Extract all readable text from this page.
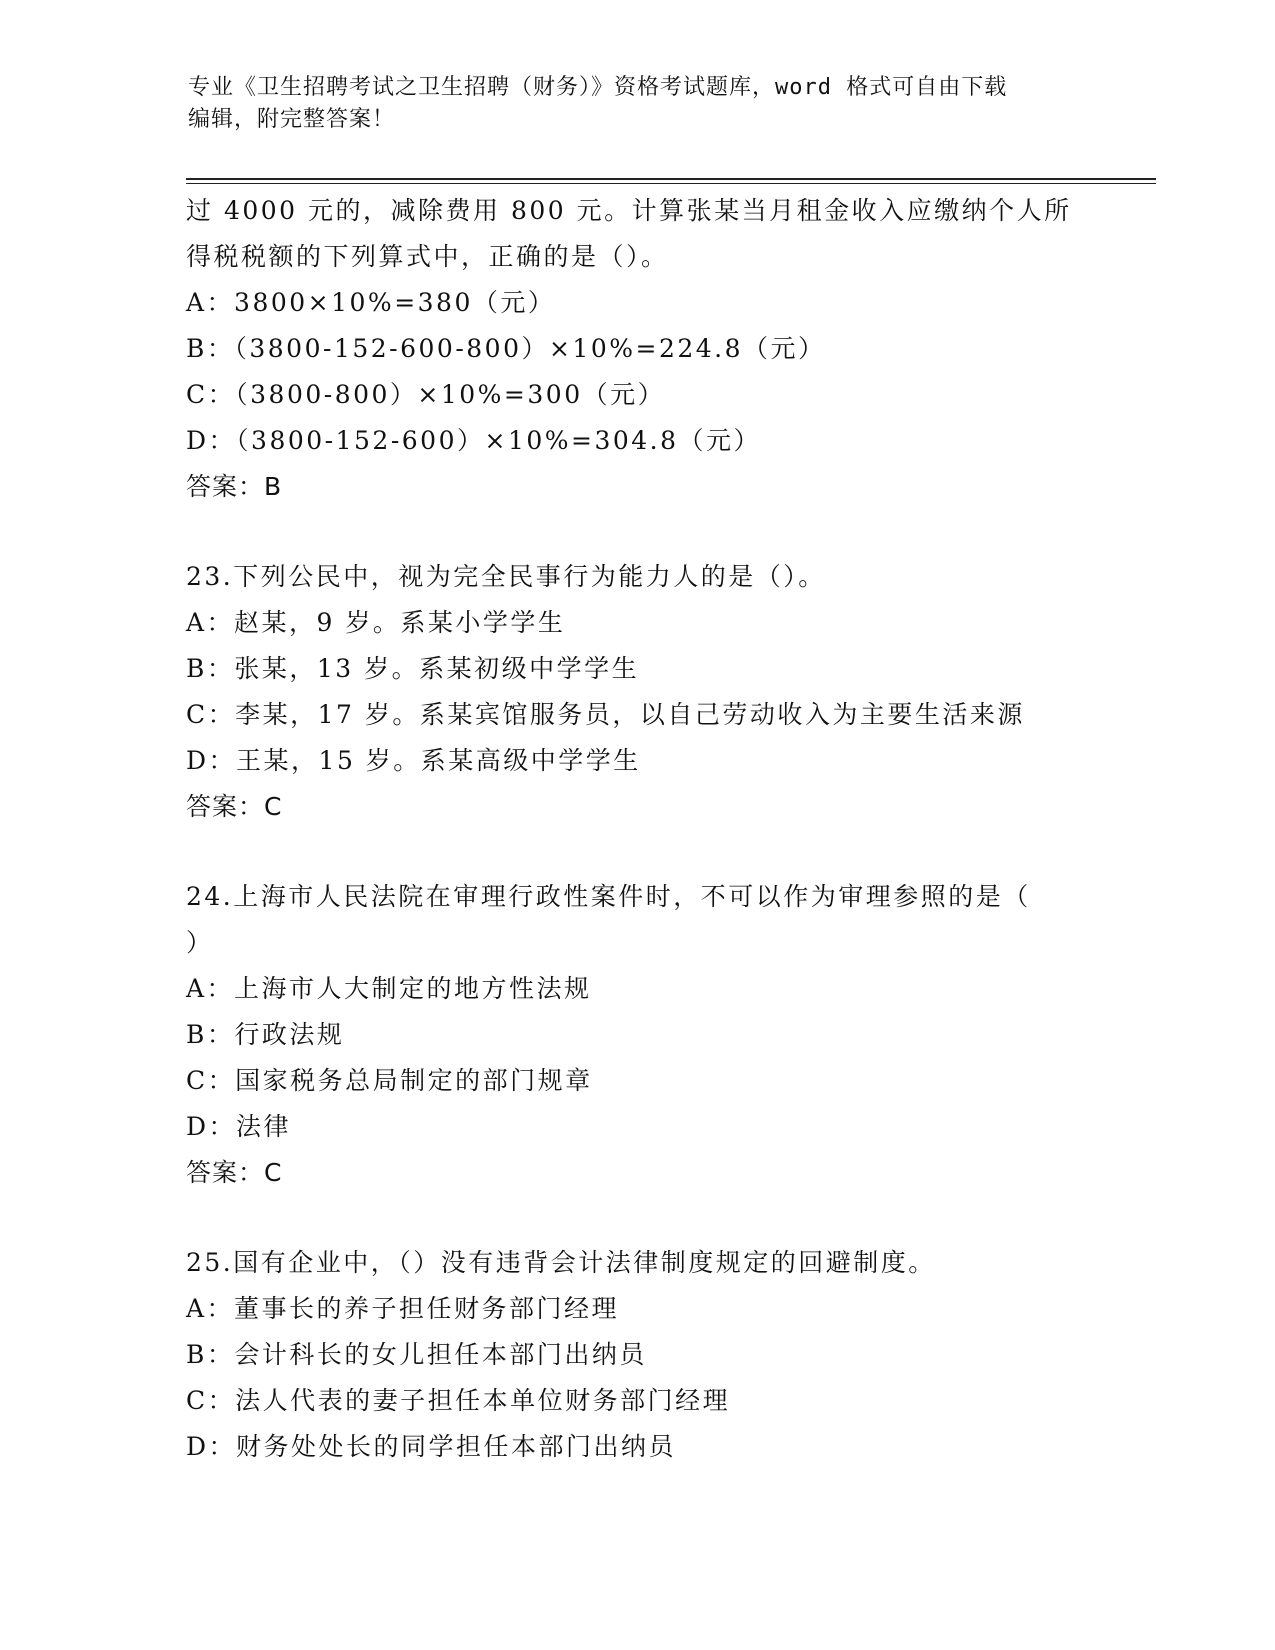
专业《卫生招聘考试之卫生招聘（财务）》资格考试题库，word 格式可自由下载
编辑，附完整答案！
过 4000 元的，减除费用 800 元。计算张某当月租金收入应缴纳个人所
得税税额的下列算式中，正确的是（）。
A：3800×10%=380（元）
B：（3800-152-600-800）×10%=224.8（元）
C：（3800-800）×10%=300（元）
D：（3800-152-600）×10%=304.8（元）
答案：B
23.下列公民中，视为完全民事行为能力人的是（）。
A：赵某，9 岁。系某小学学生
B：张某，13 岁。系某初级中学学生
C：李某，17 岁。系某宾馆服务员，以自己劳动收入为主要生活来源
D：王某，15 岁。系某高级中学学生
答案：C
24.上海市人民法院在审理行政性案件时，不可以作为审理参照的是（
）
A：上海市人大制定的地方性法规
B：行政法规
C：国家税务总局制定的部门规章
D：法律
答案：C
25.国有企业中，（）没有违背会计法律制度规定的回避制度。
A：董事长的养子担任财务部门经理
B：会计科长的女儿担任本部门出纳员
C：法人代表的妻子担任本单位财务部门经理
D：财务处处长的同学担任本部门出纳员
